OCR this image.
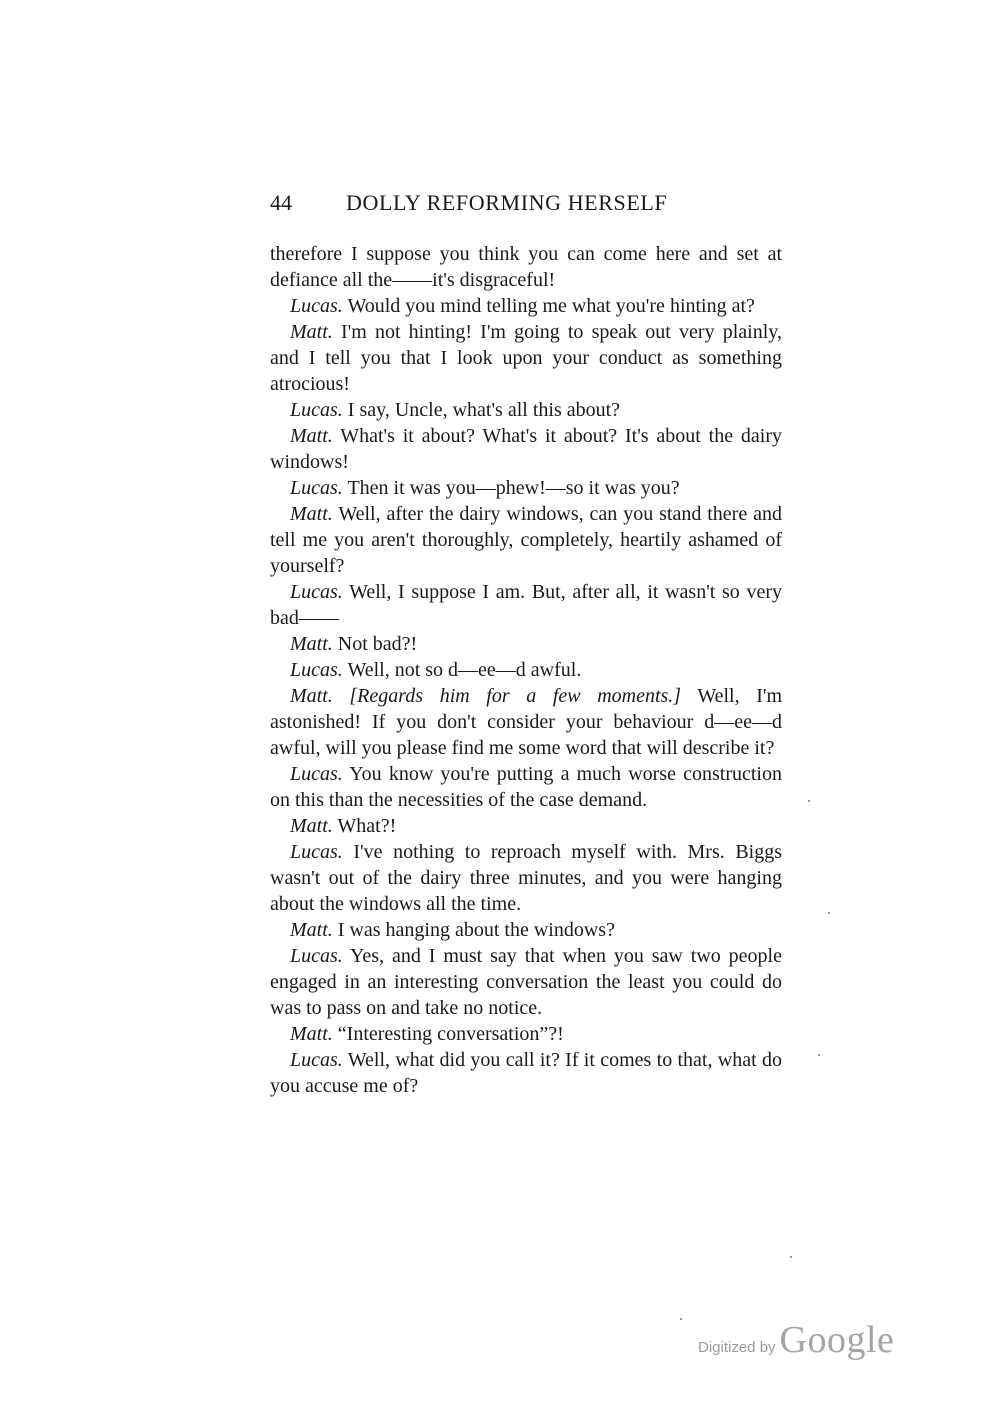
44 DOLLY REFORMING HERSELF

therefore I suppose you think you can come here and set at defiance all the——it's disgraceful!

Lucas. Would you mind telling me what you're hinting at?

Matt. I'm not hinting! I'm going to speak out very plainly, and I tell you that I look upon your conduct as something atrocious!

Lucas. I say, Uncle, what's all this about?

Matt. What's it about? What's it about? It's about the dairy windows!

Lucas. Then it was you—phew!—so it was you?

Matt. Well, after the dairy windows, can you stand there and tell me you aren't thoroughly, completely, heartily ashamed of yourself?

Lucas. Well, I suppose I am. But, after all, it wasn't so very bad——

Matt. Not bad?!

Lucas. Well, not so d—ee—d awful.

Matt. [Regards him for a few moments.] Well, I'm astonished! If you don't consider your behaviour d—ee—d awful, will you please find me some word that will describe it?

Lucas. You know you're putting a much worse construction on this than the necessities of the case demand.

Matt. What?!

Lucas. I've nothing to reproach myself with. Mrs. Biggs wasn't out of the dairy three minutes, and you were hanging about the windows all the time.

Matt. I was hanging about the windows?

Lucas. Yes, and I must say that when you saw two people engaged in an interesting conversation the least you could do was to pass on and take no notice.

Matt. “Interesting conversation”?!

Lucas. Well, what did you call it? If it comes to that, what do you accuse me of?

Digitized by Google
